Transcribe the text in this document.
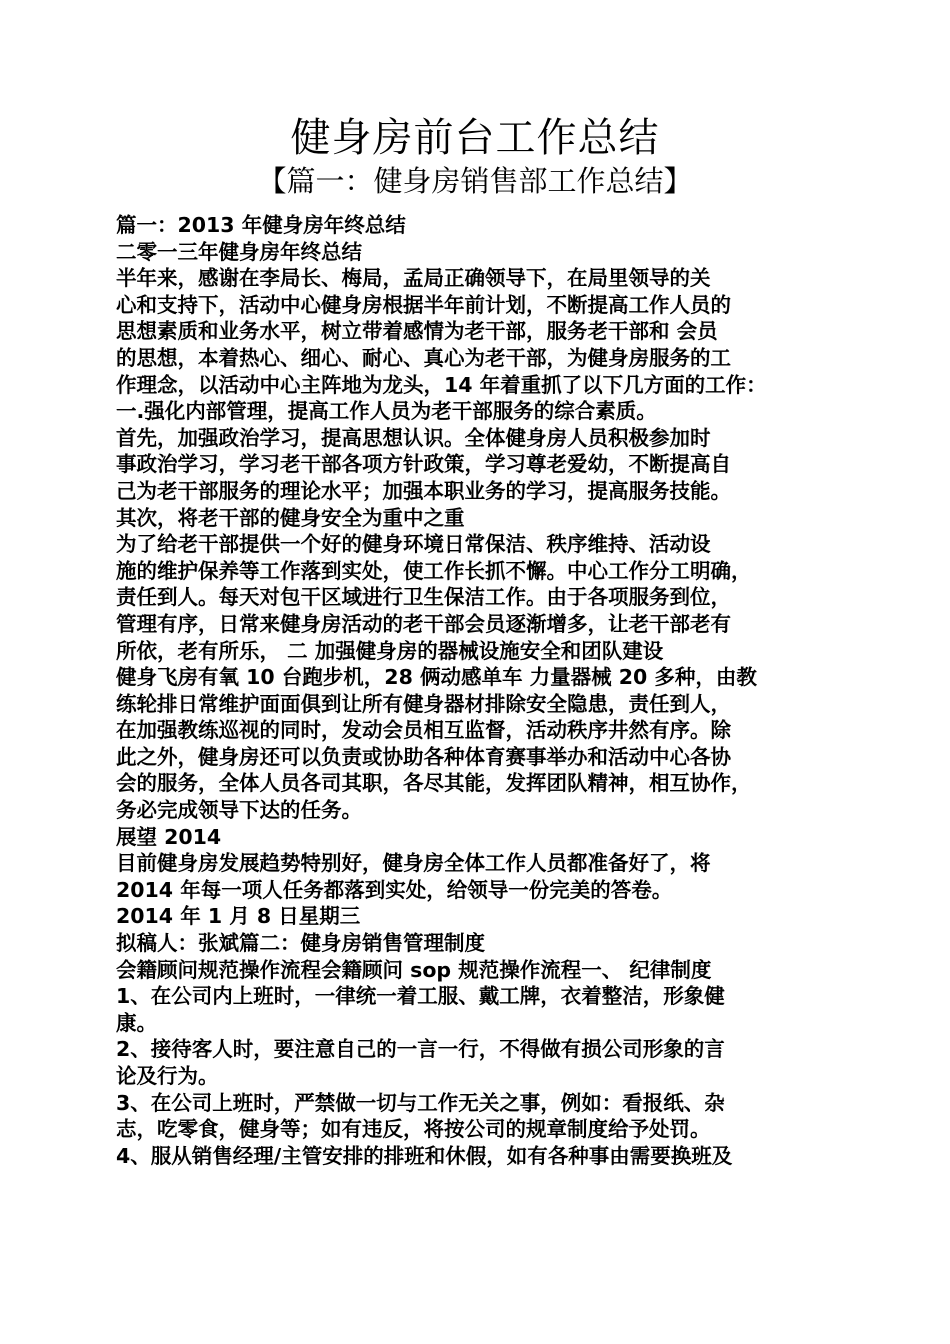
健身房前台工作总结
【篇一：健身房销售部工作总结】
篇一：2013 年健身房年终总结
二零一三年健身房年终总结
半年来，感谢在李局长、梅局，孟局正确领导下，在局里领导的关
心和支持下，活动中心健身房根据半年前计划，不断提高工作人员的
思想素质和业务水平，树立带着感情为老干部，服务老干部和 会员
的思想，本着热心、细心、耐心、真心为老干部，为健身房服务的工
作理念，以活动中心主阵地为龙头，14 年着重抓了以下几方面的工作：
一.强化内部管理，提高工作人员为老干部服务的综合素质。
首先，加强政治学习，提高思想认识。全体健身房人员积极参加时
事政治学习，学习老干部各项方针政策，学习尊老爱幼，不断提高自
己为老干部服务的理论水平；加强本职业务的学习，提高服务技能。
其次，将老干部的健身安全为重中之重
为了给老干部提供一个好的健身环境日常保洁、秩序维持、活动设
施的维护保养等工作落到实处，使工作长抓不懈。中心工作分工明确，
责任到人。每天对包干区域进行卫生保洁工作。由于各项服务到位，
管理有序，日常来健身房活动的老干部会员逐渐增多，让老干部老有
所依，老有所乐， 二 加强健身房的器械设施安全和团队建设
健身飞房有氧 10 台跑步机，28 俩动感单车 力量器械 20 多种，由教
练轮排日常维护面面俱到让所有健身器材排除安全隐患，责任到人，
在加强教练巡视的同时，发动会员相互监督，活动秩序井然有序。除
此之外，健身房还可以负责或协助各种体育赛事举办和活动中心各协
会的服务，全体人员各司其职，各尽其能，发挥团队精神，相互协作，
务必完成领导下达的任务。
展望 2014
目前健身房发展趋势特别好，健身房全体工作人员都准备好了，将
2014 年每一项人任务都落到实处，给领导一份完美的答卷。
2014 年 1 月 8 日星期三
拟稿人：张斌篇二：健身房销售管理制度
会籍顾问规范操作流程会籍顾问 sop 规范操作流程一、 纪律制度
1、在公司内上班时，一律统一着工服、戴工牌，衣着整洁，形象健
康。
2、接待客人时，要注意自己的一言一行，不得做有损公司形象的言
论及行为。
3、在公司上班时，严禁做一切与工作无关之事，例如：看报纸、杂
志，吃零食，健身等；如有违反，将按公司的规章制度给予处罚。
4、服从销售经理/主管安排的排班和休假，如有各种事由需要换班及
